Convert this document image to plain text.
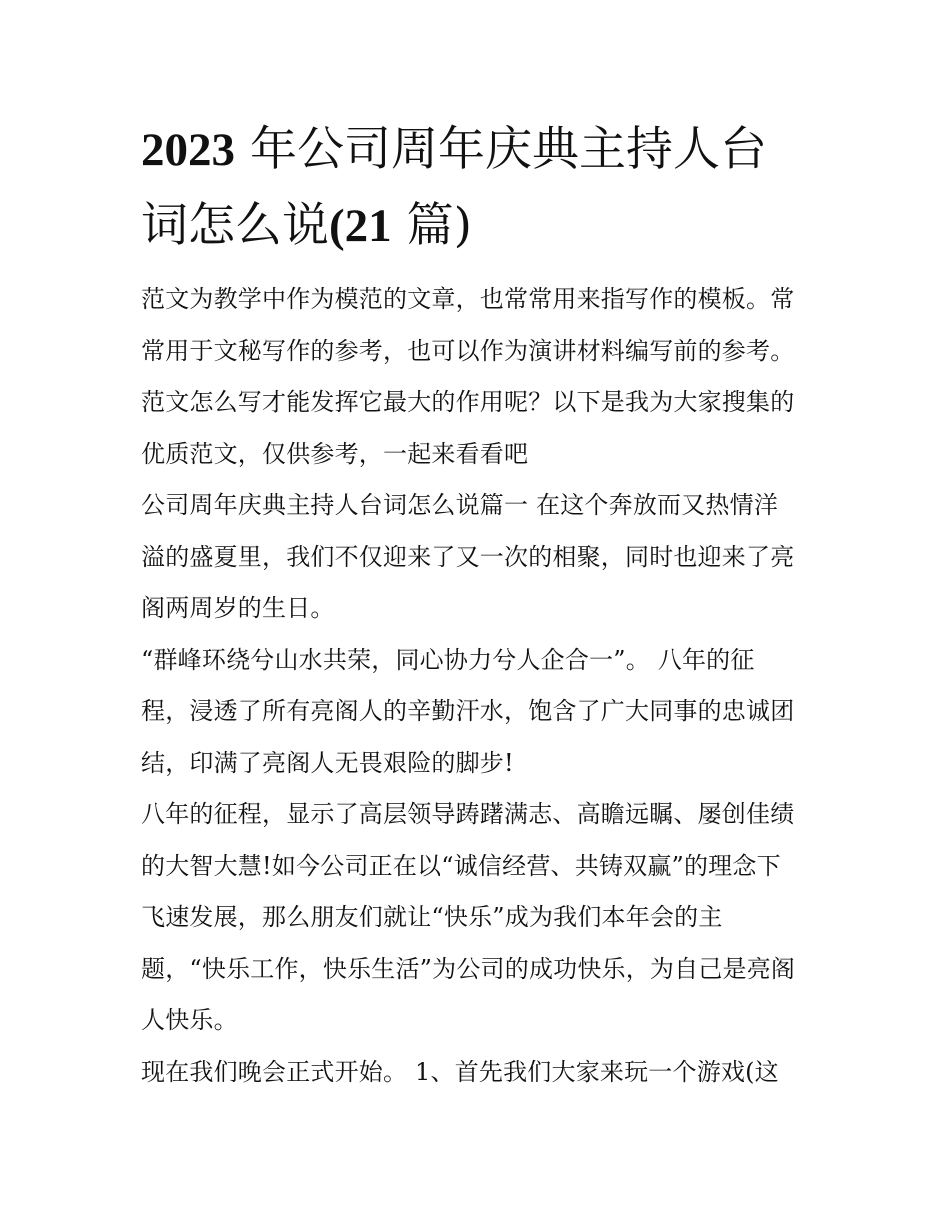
2023 年公司周年庆典主持人台
词怎么说(21 篇)
范文为教学中作为模范的文章，也常常用来指写作的模板。常
常用于文秘写作的参考，也可以作为演讲材料编写前的参考。
范文怎么写才能发挥它最大的作用呢？以下是我为大家搜集的
优质范文，仅供参考，一起来看看吧
公司周年庆典主持人台词怎么说篇一 在这个奔放而又热情洋
溢的盛夏里，我们不仅迎来了又一次的相聚，同时也迎来了亮
阁两周岁的生日。
“群峰环绕兮山水共荣，同心协力兮人企合一”。 八年的征
程，浸透了所有亮阁人的辛勤汗水，饱含了广大同事的忠诚团
结，印满了亮阁人无畏艰险的脚步!
八年的征程，显示了高层领导踌躇满志、高瞻远瞩、屡创佳绩
的大智大慧!如今公司正在以“诚信经营、共铸双赢”的理念下
飞速发展，那么朋友们就让“快乐”成为我们本年会的主
题，“快乐工作，快乐生活”为公司的成功快乐，为自己是亮阁
人快乐。
现在我们晚会正式开始。 1、首先我们大家来玩一个游戏(这
